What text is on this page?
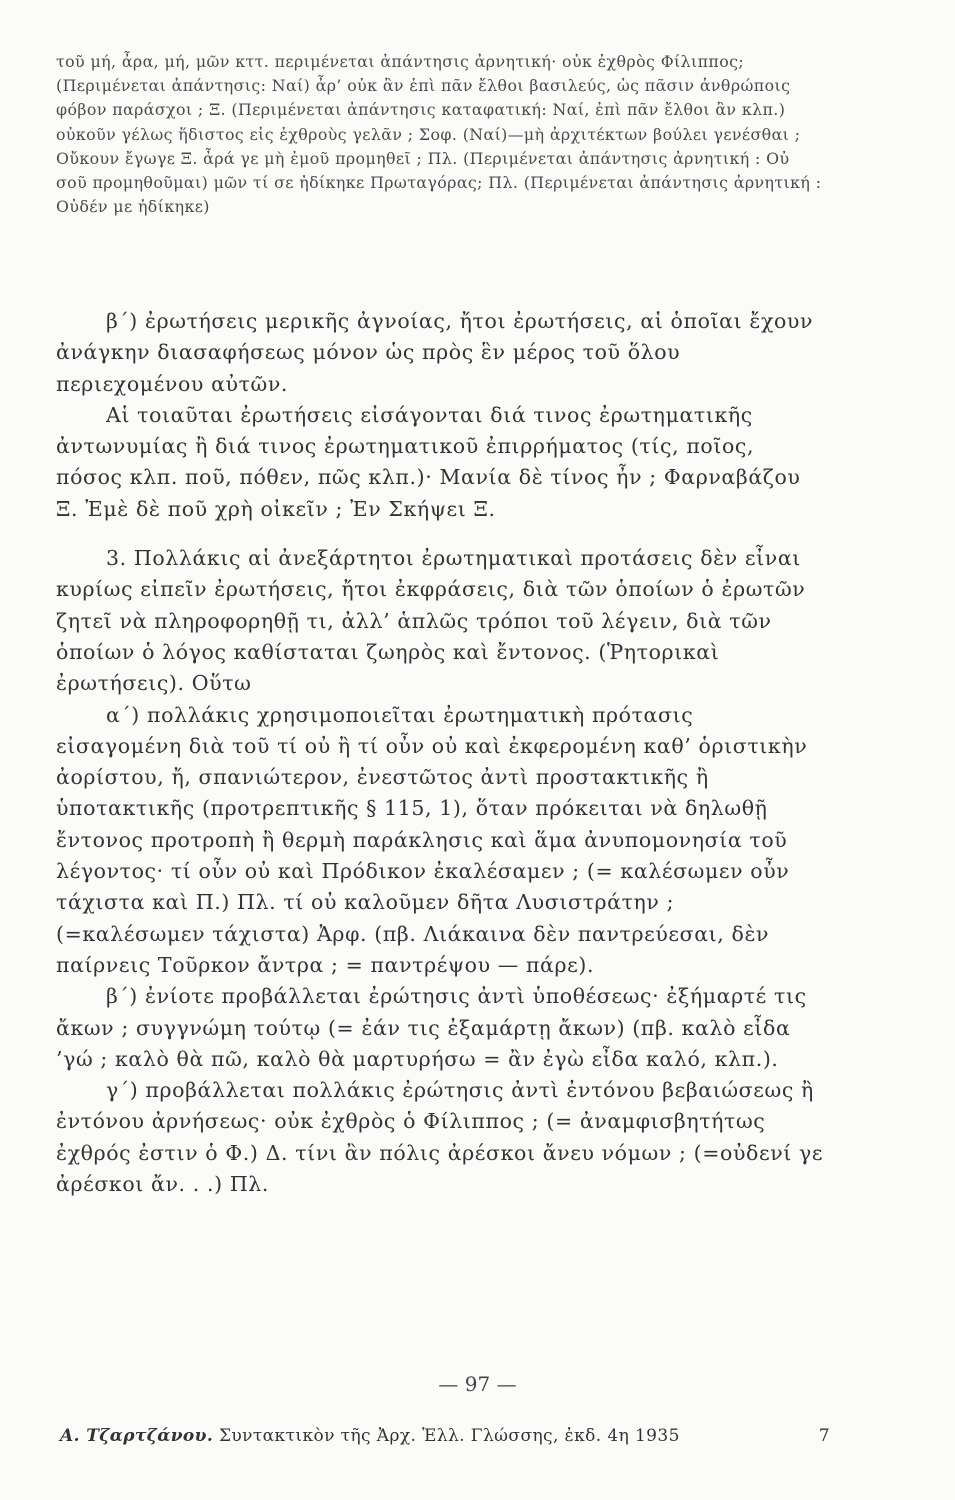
τοῦ μή, ἆρα, μή, μῶν κττ. περιμένεται ἀπάντησις ἀρνητική· οὐκ ἐχθρὸς Φίλιππος; (Περιμένεται ἀπάντησις: Ναί) ἆρ’ οὐκ ἂν ἐπὶ πᾶν ἔλθοι βασιλεύς, ὡς πᾶσιν ἀνθρώποις φόβον παράσχοι ; Ξ. (Περιμένεται ἀπάντησις καταφατική: Ναί, ἐπὶ πᾶν ἔλθοι ἂν κλπ.) οὐκοῦν γέλως ἥδιστος εἰς ἐχθροὺς γελᾶν ; Σοφ. (Ναί)—μὴ ἀρχιτέκτων βούλει γενέσθαι ; Οὔκουν ἔγωγε Ξ. ἆρά γε μὴ ἐμοῦ προμηθεῖ ; Πλ. (Περιμένεται ἀπάντησις ἀρνητική : Οὐ σοῦ προμηθοῦμαι) μῶν τί σε ἠδίκηκε Πρωταγόρας; Πλ. (Περιμένεται ἀπάντησις ἀρνητική : Οὐδέν με ἠδίκηκε)

β΄) ἐρωτήσεις μερικῆς ἀγνοίας, ἤτοι ἐρωτήσεις, αἱ ὁποῖαι ἔχουν ἀνάγκην διασαφήσεως μόνον ὡς πρὸς ἓν μέρος τοῦ ὅλου περιεχομένου αὐτῶν.

Αἱ τοιαῦται ἐρωτήσεις εἰσάγονται διά τινος ἐρωτηματικῆς ἀντωνυμίας ἢ διά τινος ἐρωτηματικοῦ ἐπιρρήματος (τίς, ποῖος, πόσος κλπ. ποῦ, πόθεν, πῶς κλπ.)· Μανία δὲ τίνος ἦν ; Φαρναβάζου Ξ. Ἐμὲ δὲ ποῦ χρὴ οἰκεῖν ; Ἐν Σκήψει Ξ.

3. Πολλάκις αἱ ἀνεξάρτητοι ἐρωτηματικαὶ προτάσεις δὲν εἶναι κυρίως εἰπεῖν ἐρωτήσεις, ἤτοι ἐκφράσεις, διὰ τῶν ὁποίων ὁ ἐρωτῶν ζητεῖ νὰ πληροφορηθῇ τι, ἀλλ’ ἁπλῶς τρόποι τοῦ λέγειν, διὰ τῶν ὁποίων ὁ λόγος καθίσταται ζωηρὸς καὶ ἔντονος. (Ῥητορικαὶ ἐρωτήσεις). Οὕτω

α΄) πολλάκις χρησιμοποιεῖται ἐρωτηματικὴ πρότασις εἰσαγομένη διὰ τοῦ τί οὐ ἢ τί οὖν οὐ καὶ ἐκφερομένη καθ’ ὁριστικὴν ἀορίστου, ἤ, σπανιώτερον, ἐνεστῶτος ἀντὶ προστακτικῆς ἢ ὑποτακτικῆς (προτρεπτικῆς § 115, 1), ὅταν πρόκειται νὰ δηλωθῇ ἔντονος προτροπὴ ἢ θερμὴ παράκλησις καὶ ἅμα ἀνυπομονησία τοῦ λέγοντος· τί οὖν οὐ καὶ Πρόδικον ἐκαλέσαμεν ; (= καλέσωμεν οὖν τάχιστα καὶ Π.) Πλ. τί οὐ καλοῦμεν δῆτα Λυσιστράτην ; (=καλέσωμεν τάχιστα) Ἀρφ. (πβ. Λιάκαινα δὲν παντρεύεσαι, δὲν παίρνεις Τοῦρκον ἄντρα ; = παντρέψου — πάρε).

β΄) ἐνίοτε προβάλλεται ἐρώτησις ἀντὶ ὑποθέσεως· ἐξήμαρτέ τις ἄκων ; συγγνώμη τούτῳ (= ἐάν τις ἐξαμάρτῃ ἄκων) (πβ. καλὸ εἶδα ’γώ ; καλὸ θὰ πῶ, καλὸ θὰ μαρτυρήσω = ἂν ἐγὼ εἶδα καλό, κλπ.).

γ΄) προβάλλεται πολλάκις ἐρώτησις ἀντὶ ἐντόνου βεβαιώσεως ἢ ἐντόνου ἀρνήσεως· οὐκ ἐχθρὸς ὁ Φίλιππος ; (= ἀναμφισβητήτως ἐχθρός ἐστιν ὁ Φ.) Δ. τίνι ἂν πόλις ἀρέσκοι ἄνευ νόμων ; (=οὐδενί γε ἀρέσκοι ἄν. . .) Πλ.

— 97 —
Α. Τζαρτζάνου. Συντακτικὸν τῆς Ἀρχ. Ἑλλ. Γλώσσης, ἐκδ. 4η 1935	7
